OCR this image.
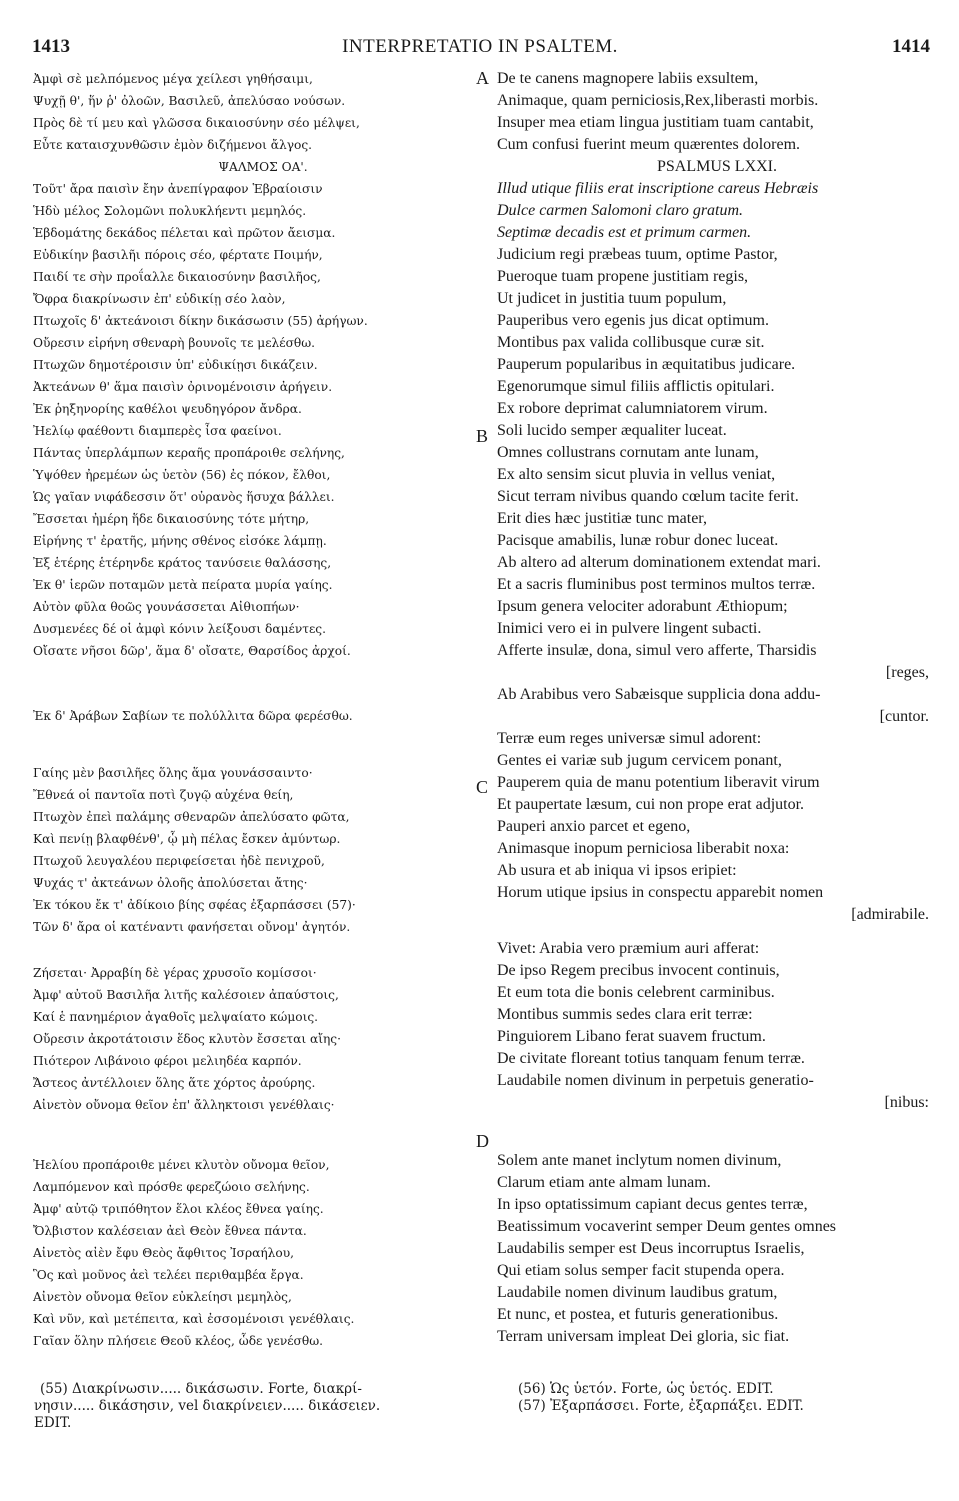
1413	INTERPRETATIO IN PSALTEM.	1414
A
B
C
D
Ἀμφὶ σὲ μελπόμενος μέγα χείλεσι γηθήσαιμι,
Ψυχῇ θ', ἥν ῥ' ὀλοῶν, Βασιλεῦ, ἀπελύσαο νούσων.
Πρὸς δὲ τί μευ καὶ γλῶσσα δικαιοσύνην σέο μέλψει,
Εὖτε καταισχυνθῶσιν ἐμὸν διζήμενοι ἄλγος.
ΨΑΛΜΟΣ ΟΑ'.
Τοῦτ' ἄρα παισὶν ἔην ἀνεπίγραφον Ἑβραίοισιν
Ἡδὺ μέλος Σολομῶνι πολυκλήεντι μεμηλός.
Ἑβδομάτης δεκάδος πέλεται καὶ πρῶτον ἄεισμα.
Εὐδικίην βασιλῆι πόροις σέο, φέρτατε Ποιμήν,
Παιδί τε σὴν προΐαλλε δικαιοσύνην βασιλῆος,
Ὄφρα διακρίνωσιν ἐπ' εὐδικίῃ σέο λαὸν,
Πτωχοῖς δ' ἀκτεάνοισι δίκην δικάσωσιν (55) ἀρήγων.
Οὔρεσιν εἰρήνη σθεναρὴ βουνοῖς τε μελέσθω.
Πτωχῶν δημοτέροισιν ὑπ' εὐδικίῃσι δικάζειν.
Ἀκτεάνων θ' ἅμα παισὶν ὀρινομένοισιν ἀρήγειν.
Ἐκ ῥηξηνορίης καθέλοι ψευδηγόρον ἄνδρα.
Ἠελίῳ φαέθοντι διαμπερὲς ἶσα φαείνοι.
Πάντας ὑπερλάμπων κεραῆς προπάροιθε σελήνης,
Ὑψόθεν ἠρεμέων ὡς ὑετὸν (56) ἐς πόκον, ἔλθοι,
Ὡς γαῖαν νιφάδεσσιν ὅτ' οὐρανὸς ἥσυχα βάλλει.
Ἔσσεται ἠμέρη ἥδε δικαιοσύνης τότε μήτηρ,
Εἰρήνης τ' ἐρατῆς, μήνης σθένος εἰσόκε λάμπῃ.
Ἐξ ἑτέρης ἑτέρηνδε κράτος τανύσειε θαλάσσης,
Ἐκ θ' ἱερῶν ποταμῶν μετὰ πείρατα μυρία γαίης.
Αὐτὸν φῦλα θοῶς γουνάσσεται Αἰθιοπήων·
Δυσμενέες δέ οἱ ἀμφὶ κόνιν λείξουσι δαμέντες.
Οἴσατε νῆσοι δῶρ', ἅμα δ' οἴσατε, Θαρσίδος ἀρχοί.
Ἐκ δ' Ἀράβων Σαβίων τε πολύλλιτα δῶρα φερέσθω.
Γαίης μὲν βασιλῆες ὅλης ἅμα γουνάσσαιντο·
Ἔθνεά οἱ παντοῖα ποτὶ ζυγῷ αὐχένα θείη,
Πτωχὸν ἐπεὶ παλάμης σθεναρῶν ἀπελύσατο φῶτα,
Καὶ πενίῃ βλαφθένθ', ᾧ μὴ πέλας ἔσκεν ἀμύντωρ.
Πτωχοῦ λευγαλέου περιφείσεται ἠδὲ πενιχροῦ,
Ψυχάς τ' ἀκτεάνων ὀλοῆς ἀπολύσεται ἄτης·
Ἐκ τόκου ἔκ τ' ἀδίκοιο βίης σφέας ἐξαρπάσσει (57)·
Τῶν δ' ἄρα οἱ κατέναντι φανήσεται οὔνομ' ἀγητόν.
Ζήσεται· Ἀρραβίη δὲ γέρας χρυσοῖο κομίσσοι·
Ἀμφ' αὐτοῦ Βασιλῆα λιτῆς καλέσοιεν ἀπαύστοις,
Καί ἑ πανημέριον ἀγαθοῖς μελψαίατο κώμοις.
Οὔρεσιν ἀκροτάτοισιν ἕδος κλυτὸν ἔσσεται αἴης·
Πιότερον Λιβάνοιο φέροι μελιηδέα καρπόν.
Ἄστεος ἀντέλλοιεν ὅλης ἅτε χόρτος ἀρούρης.
Αἰνετὸν οὔνομα θεῖον ἐπ' ἄλληκτοισι γενέθλαις·
Ἠελίου προπάροιθε μένει κλυτὸν οὔνομα θεῖον,
Λαμπόμενον καὶ πρόσθε φερεζώοιο σελήνης.
Ἀμφ' αὐτῷ τριπόθητον ἕλοι κλέος ἔθνεα γαίης.
Ὄλβιστον καλέσειαν ἀεὶ Θεὸν ἔθνεα πάντα.
Αἰνετὸς αἰὲν ἔφυ Θεὸς ἄφθιτος Ἰσραήλου,
Ὃς καὶ μοῦνος ἀεὶ τελέει περιθαμβέα ἔργα.
Αἰνετὸν οὔνομα θεῖον εὐκλείησι μεμηλὸς,
Καὶ νῦν, καὶ μετέπειτα, καὶ ἐσσομένοισι γενέθλαις.
Γαῖαν ὅλην πλήσειε Θεοῦ κλέος, ὧδε γενέσθω.
De te canens magnopere labiis exsultem,
Animaque, quam perniciosis,Rex,liberasti morbis.
Insuper mea etiam lingua justitiam tuam cantabit,
Cum confusi fuerint meum quærentes dolorem.
PSALMUS LXXI.
Illud utique filiis erat inscriptione careus Hebræis
Dulce carmen Salomoni claro gratum.
Septimæ decadis est et primum carmen.
Judicium regi præbeas tuum, optime Pastor,
Pueroque tuam propene justitiam regis,
Ut judicet in justitia tuum populum,
Pauperibus vero egenis jus dicat optimum.
Montibus pax valida collibusque curæ sit.
Pauperum popularibus in æquitatibus judicare.
Egenorumque simul filiis afflictis opitulari.
Ex robore deprimat calumniatorem virum.
Soli lucido semper æqualiter luceat.
Omnes collustrans cornutam ante lunam,
Ex alto sensim sicut pluvia in vellus veniat,
Sicut terram nivibus quando cœlum tacite ferit.
Erit dies hæc justitiæ tunc mater,
Pacisque amabilis, lunæ robur donec luceat.
Ab altero ad alterum dominationem extendat mari.
Et a sacris fluminibus post terminos multos terræ.
Ipsum genera velociter adorabunt Æthiopum;
Inimici vero ei in pulvere lingent subacti.
Afferte insulæ, dona, simul vero afferte, Tharsidis
[reges,
Ab Arabibus vero Sabæisque supplicia dona addu-
[cuntor.
Terræ eum reges universæ simul adorent:
Gentes ei variæ sub jugum cervicem ponant,
Pauperem quia de manu potentium liberavit virum
Et paupertate læsum, cui non prope erat adjutor.
Pauperi anxio parcet et egeno,
Animasque inopum perniciosa liberabit noxa:
Ab usura et ab iniqua vi ipsos eripiet:
Horum utique ipsius in conspectu apparebit nomen
[admirabile.
Vivet: Arabia vero præmium auri afferat:
De ipso Regem precibus invocent continuis,
Et eum tota die bonis celebrent carminibus.
Montibus summis sedes clara erit terræ:
Pinguiorem Libano ferat suavem fructum.
De civitate floreant totius tanquam fenum terræ.
Laudabile nomen divinum in perpetuis generatio-
[nibus:
Solem ante manet inclytum nomen divinum,
Clarum etiam ante almam lunam.
In ipso optatissimum capiant decus gentes terræ,
Beatissimum vocaverint semper Deum gentes omnes
Laudabilis semper est Deus incorruptus Israelis,
Qui etiam solus semper facit stupenda opera.
Laudabile nomen divinum laudibus gratum,
Et nunc, et postea, et futuris generationibus.
Terram universam impleat Dei gloria, sic fiat.
(55) Διακρίνωσιν..... δικάσωσιν. Forte, διακρί-
νησιν..... δικάσησιν, vel διακρίνειεν..... δικάσειεν.
EDIT.
(56) Ὡς ὑετόν. Forte, ὡς ὑετός. EDIT.
(57) Ἐξαρπάσσει. Forte, ἐξαρπάξει. EDIT.
